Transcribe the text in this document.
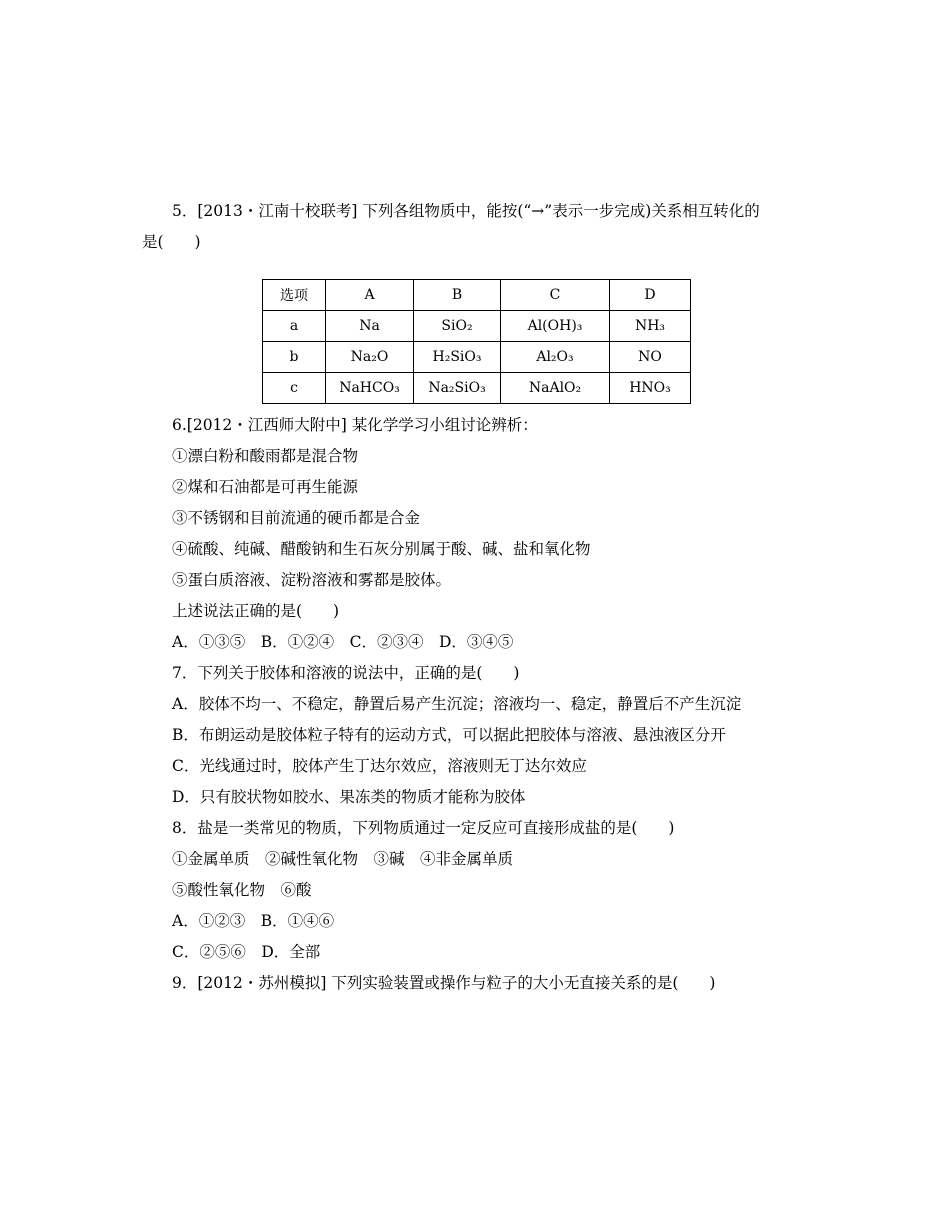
5．[2013・江南十校联考] 下列各组物质中，能按(“→”表示一步完成)关系相互转化的
是(　　)
选项	A	B	C	D
a	Na	SiO₂	Al(OH)₃	NH₃
b	Na₂O	H₂SiO₃	Al₂O₃	NO
c	NaHCO₃	Na₂SiO₃	NaAlO₂	HNO₃
6.[2012・江西师大附中] 某化学学习小组讨论辨析：
①漂白粉和酸雨都是混合物
②煤和石油都是可再生能源
③不锈钢和目前流通的硬币都是合金
④硫酸、纯碱、醋酸钠和生石灰分别属于酸、碱、盐和氧化物
⑤蛋白质溶液、淀粉溶液和雾都是胶体。
上述说法正确的是(　　)
A．①③⑤　B．①②④　C．②③④　D．③④⑤
7．下列关于胶体和溶液的说法中，正确的是(　　)
A．胶体不均一、不稳定，静置后易产生沉淀；溶液均一、稳定，静置后不产生沉淀
B．布朗运动是胶体粒子特有的运动方式，可以据此把胶体与溶液、悬浊液区分开
C．光线通过时，胶体产生丁达尔效应，溶液则无丁达尔效应
D．只有胶状物如胶水、果冻类的物质才能称为胶体
8．盐是一类常见的物质，下列物质通过一定反应可直接形成盐的是(　　)
①金属单质　②碱性氧化物　③碱　④非金属单质
⑤酸性氧化物　⑥酸
A．①②③　B．①④⑥
C．②⑤⑥　D．全部
9．[2012・苏州模拟] 下列实验装置或操作与粒子的大小无直接关系的是(　　)
